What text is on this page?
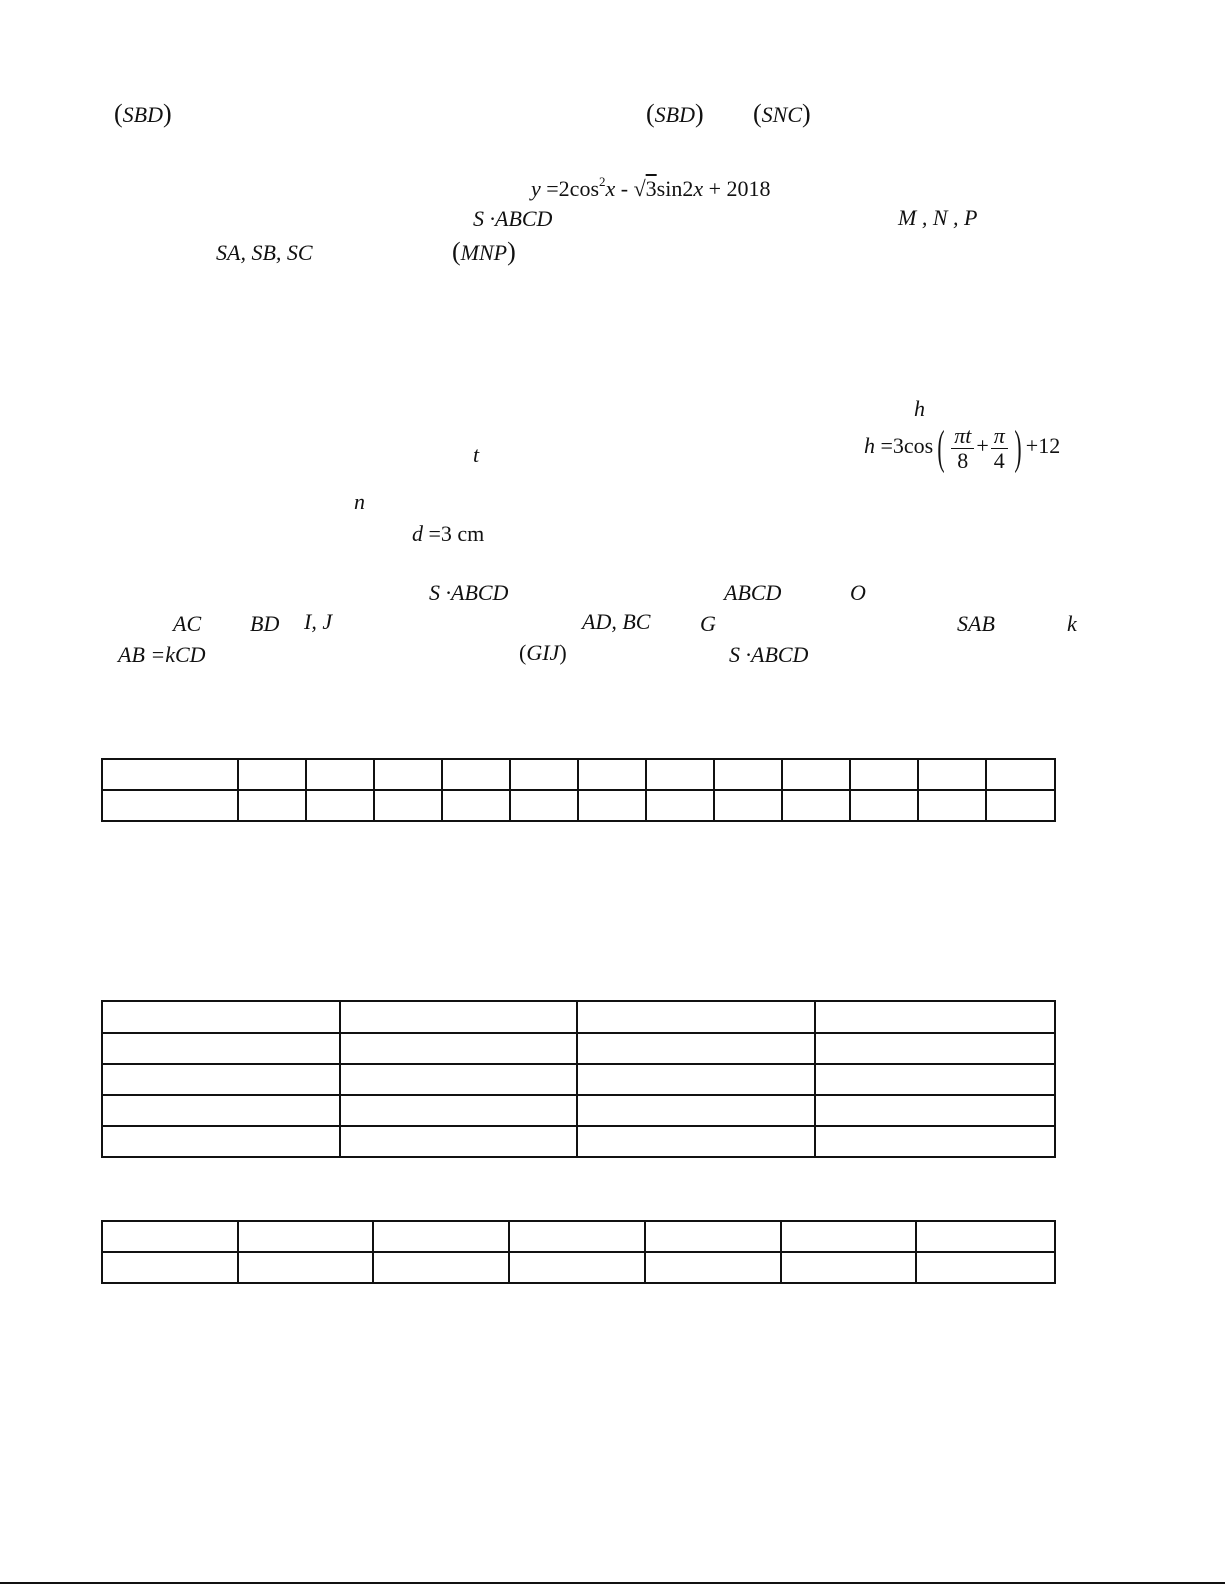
(SBD)	(SBD) (SNC)
$y =2\cos^2x - √3\sin 2x + 2018$
S ·ABCD	M , N , P
SA, SB, SC	(MNP)
h
t	$h =3\cos( \frac{\pi t}{8} + \frac{\pi}{4}$ ) +12
n
d =3 cm
S ·ABCD	ABCD	O
AC BD I, J	AD, BC G	SAB	k
AB =kCD	(GIJ)	S ·ABCD
